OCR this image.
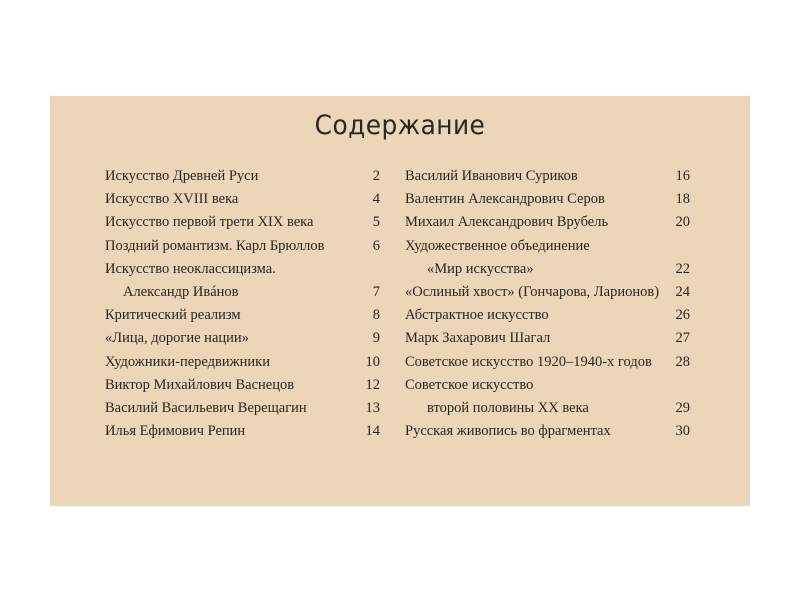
Содержание
Искусство Древней Руси	2
Искусство XVIII века	4
Искусство первой трети XIX века	5
Поздний романтизм. Карл Брюллов	6
Искусство неоклассицизма.
Александр Ивáнов	7
Критический реализм	8
«Лица, дорогие нации»	9
Художники-передвижники	10
Виктор Михайлович Васнецов	12
Василий Васильевич Верещагин	13
Илья Ефимович Репин	14
Василий Иванович Суриков	16
Валентин Александрович Серов	18
Михаил Александрович Врубель	20
Художественное объединение
«Мир искусства»	22
«Ослиный хвост» (Гончарова, Ларионов) 24
Абстрактное искусство	26
Марк Захарович Шагал	27
Советское искусство 1920–1940-х годов 28
Советское искусство
второй половины XX века	29
Русская живопись во фрагментах	30
